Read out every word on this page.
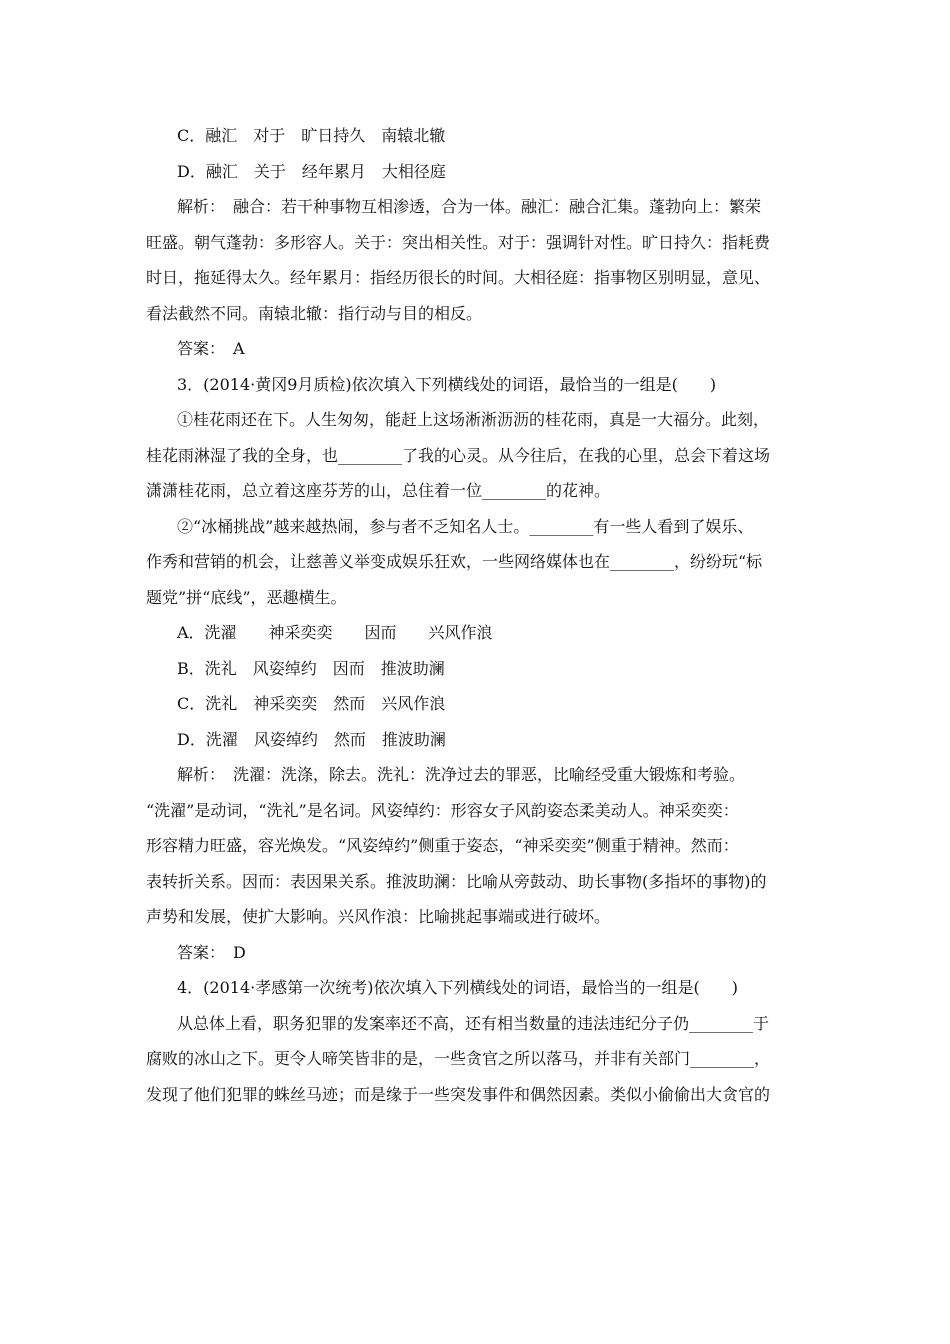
C．融汇　对于　旷日持久　南辕北辙
D．融汇　关于　经年累月　大相径庭
解析：　融合：若干种事物互相渗透，合为一体。融汇：融合汇集。蓬勃向上：繁荣
旺盛。朝气蓬勃：多形容人。关于：突出相关性。对于：强调针对性。旷日持久：指耗费
时日，拖延得太久。经年累月：指经历很长的时间。大相径庭：指事物区别明显，意见、
看法截然不同。南辕北辙：指行动与目的相反。
答案：　A
3．(2014·黄冈9月质检)依次填入下列横线处的词语，最恰当的一组是(　　)
①桂花雨还在下。人生匆匆，能赶上这场淅淅沥沥的桂花雨，真是一大福分。此刻，
桂花雨淋湿了我的全身，也________了我的心灵。从今往后，在我的心里，总会下着这场
潇潇桂花雨，总立着这座芬芳的山，总住着一位________的花神。
②“冰桶挑战”越来越热闹，参与者不乏知名人士。________有一些人看到了娱乐、
作秀和营销的机会，让慈善义举变成娱乐狂欢，一些网络媒体也在________，纷纷玩“标
题党”拼“底线”，恶趣横生。
A．洗濯　　神采奕奕　　因而　　兴风作浪
B．洗礼　风姿绰约　因而　推波助澜
C．洗礼　神采奕奕　然而　兴风作浪
D．洗濯　风姿绰约　然而　推波助澜
解析：　洗濯：洗涤，除去。洗礼：洗净过去的罪恶，比喻经受重大锻炼和考验。
“洗濯”是动词，“洗礼”是名词。风姿绰约：形容女子风韵姿态柔美动人。神采奕奕：
形容精力旺盛，容光焕发。“风姿绰约”侧重于姿态，“神采奕奕”侧重于精神。然而：
表转折关系。因而：表因果关系。推波助澜：比喻从旁鼓动、助长事物(多指坏的事物)的
声势和发展，使扩大影响。兴风作浪：比喻挑起事端或进行破坏。
答案：　D
4．(2014·孝感第一次统考)依次填入下列横线处的词语，最恰当的一组是(　　)
从总体上看，职务犯罪的发案率还不高，还有相当数量的违法违纪分子仍________于
腐败的冰山之下。更令人啼笑皆非的是，一些贪官之所以落马，并非有关部门________，
发现了他们犯罪的蛛丝马迹；而是缘于一些突发事件和偶然因素。类似小偷偷出大贪官的
